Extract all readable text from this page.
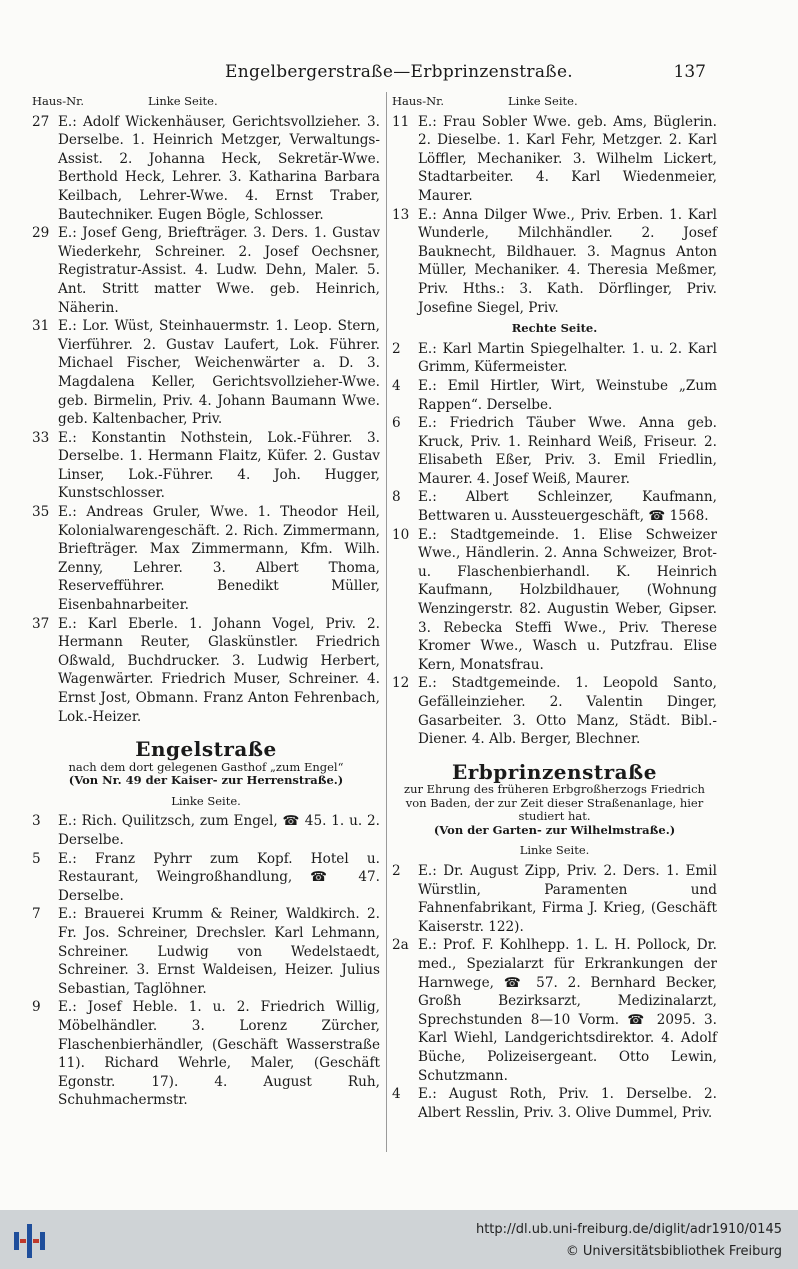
Engelbergerstraße—Erbprinzenstraße.	137
Haus-Nr.	Linke Seite.
27 E.: Adolf Wickenhäuser, Gerichtsvollzieher. 3. Derselbe. 1. Heinrich Metzger, Verwaltungs-Assist. 2. Johanna Heck, Sekretär-Wwe. Berthold Heck, Lehrer. 3. Katharina Barbara Keilbach, Lehrer-Wwe. 4. Ernst Traber, Bautechniker. Eugen Bögle, Schlosser.
29 E.: Josef Geng, Briefträger. 3. Ders. 1. Gustav Wiederkehr, Schreiner. 2. Josef Oechsner, Registratur-Assist. 4. Ludw. Dehn, Maler. 5. Ant. Stritt matter Wwe. geb. Heinrich, Näherin.
31 E.: Lor. Wüst, Steinhauermstr. 1. Leop. Stern, Vierführer. 2. Gustav Laufert, Lok. Führer. Michael Fischer, Weichenwärter a. D. 3. Magdalena Keller, Gerichtsvollzieher-Wwe. geb. Birmelin, Priv. 4. Johann Baumann Wwe. geb. Kaltenbacher, Priv.
33 E.: Konstantin Nothstein, Lok.-Führer. 3. Derselbe. 1. Hermann Flaitz, Küfer. 2. Gustav Linser, Lok.-Führer. 4. Joh. Hugger, Kunstschlosser.
35 E.: Andreas Gruler, Wwe. 1. Theodor Heil, Kolonialwarengeschäft. 2. Rich. Zimmermann, Briefträger. Max Zimmermann, Kfm. Wilh. Zenny, Lehrer. 3. Albert Thoma, Reservefführer. Benedikt Müller, Eisenbahnarbeiter.
37 E.: Karl Eberle. 1. Johann Vogel, Priv. 2. Hermann Reuter, Glaskünstler. Friedrich Oßwald, Buchdrucker. 3. Ludwig Herbert, Wagenwärter. Friedrich Muser, Schreiner. 4. Ernst Jost, Obmann. Franz Anton Fehrenbach, Lok.-Heizer.
Engelstraße
nach dem dort gelegenen Gasthof „zum Engel“
(Von Nr. 49 der Kaiser- zur Herrenstraße.)
Linke Seite.
3	E.: Rich. Quilitzsch, zum Engel, ☎ 45. 1. u. 2. Derselbe.
5	E.: Franz Pyhrr zum Kopf. Hotel u. Restaurant, Weingroßhandlung, ☎ 47. Derselbe.
7	E.: Brauerei Krumm & Reiner, Waldkirch. 2. Fr. Jos. Schreiner, Drechsler. Karl Lehmann, Schreiner. Ludwig von Wedelstaedt, Schreiner. 3. Ernst Waldeisen, Heizer. Julius Sebastian, Taglöhner.
9	E.: Josef Heble. 1. u. 2. Friedrich Willig, Möbelhändler. 3. Lorenz Zürcher, Flaschenbierhändler, (Geschäft Wasserstraße 11). Richard Wehrle, Maler, (Geschäft Egonstr. 17). 4. August Ruh, Schuhmachermstr.
Haus-Nr.	Linke Seite.
11 E.: Frau Sobler Wwe. geb. Ams, Büglerin. 2. Dieselbe. 1. Karl Fehr, Metzger. 2. Karl Löffler, Mechaniker. 3. Wilhelm Lickert, Stadtarbeiter. 4. Karl Wiedenmeier, Maurer.
13 E.: Anna Dilger Wwe., Priv. Erben. 1. Karl Wunderle, Milchhändler. 2. Josef Bauknecht, Bildhauer. 3. Magnus Anton Müller, Mechaniker. 4. Theresia Meßmer, Priv. Hths.: 3. Kath. Dörflinger, Priv. Josefine Siegel, Priv.
Rechte Seite.
2	E.: Karl Martin Spiegelhalter. 1. u. 2. Karl Grimm, Küfermeister.
4	E.: Emil Hirtler, Wirt, Weinstube „Zum Rappen“. Derselbe.
6	E.: Friedrich Täuber Wwe. Anna geb. Kruck, Priv. 1. Reinhard Weiß, Friseur. 2. Elisabeth Eßer, Priv. 3. Emil Friedlin, Maurer. 4. Josef Weiß, Maurer.
8	E.: Albert Schleinzer, Kaufmann, Bettwaren u. Aussteuergeschäft, ☎ 1568.
10 E.: Stadtgemeinde. 1. Elise Schweizer Wwe., Händlerin. 2. Anna Schweizer, Brot- u. Flaschenbierhandl. K. Heinrich Kaufmann, Holzbildhauer, (Wohnung Wenzingerstr. 82. Augustin Weber, Gipser. 3. Rebecka Steffi Wwe., Priv. Therese Kromer Wwe., Wasch u. Putzfrau. Elise Kern, Monatsfrau.
12 E.: Stadtgemeinde. 1. Leopold Santo, Gefälleinzieher. 2. Valentin Dinger, Gasarbeiter. 3. Otto Manz, Städt. Bibl.-Diener. 4. Alb. Berger, Blechner.
Erbprinzenstraße
zur Ehrung des früheren Erbgroßherzogs Friedrich von Baden, der zur Zeit dieser Straßenanlage, hier studiert hat.
(Von der Garten- zur Wilhelmstraße.)
Linke Seite.
2	E.: Dr. August Zipp, Priv. 2. Ders. 1. Emil Würstlin, Paramenten und Fahnenfabrikant, Firma J. Krieg, (Geschäft Kaiserstr. 122).
2a E.: Prof. F. Kohlhepp. 1. L. H. Pollock, Dr. med., Spezialarzt für Erkrankungen der Harnwege, ☎ 57. 2. Bernhard Becker, Großh Bezirksarzt, Medizinalarzt, Sprechstunden 8—10 Vorm. ☎ 2095. 3. Karl Wiehl, Landgerichtsdirektor. 4. Adolf Büche, Polizeisergeant. Otto Lewin, Schutzmann.
4	E.: August Roth, Priv. 1. Derselbe. 2. Albert Resslin, Priv. 3. Olive Dummel, Priv.
http://dl.ub.uni-freiburg.de/diglit/adr1910/0145
© Universitätsbibliothek Freiburg
